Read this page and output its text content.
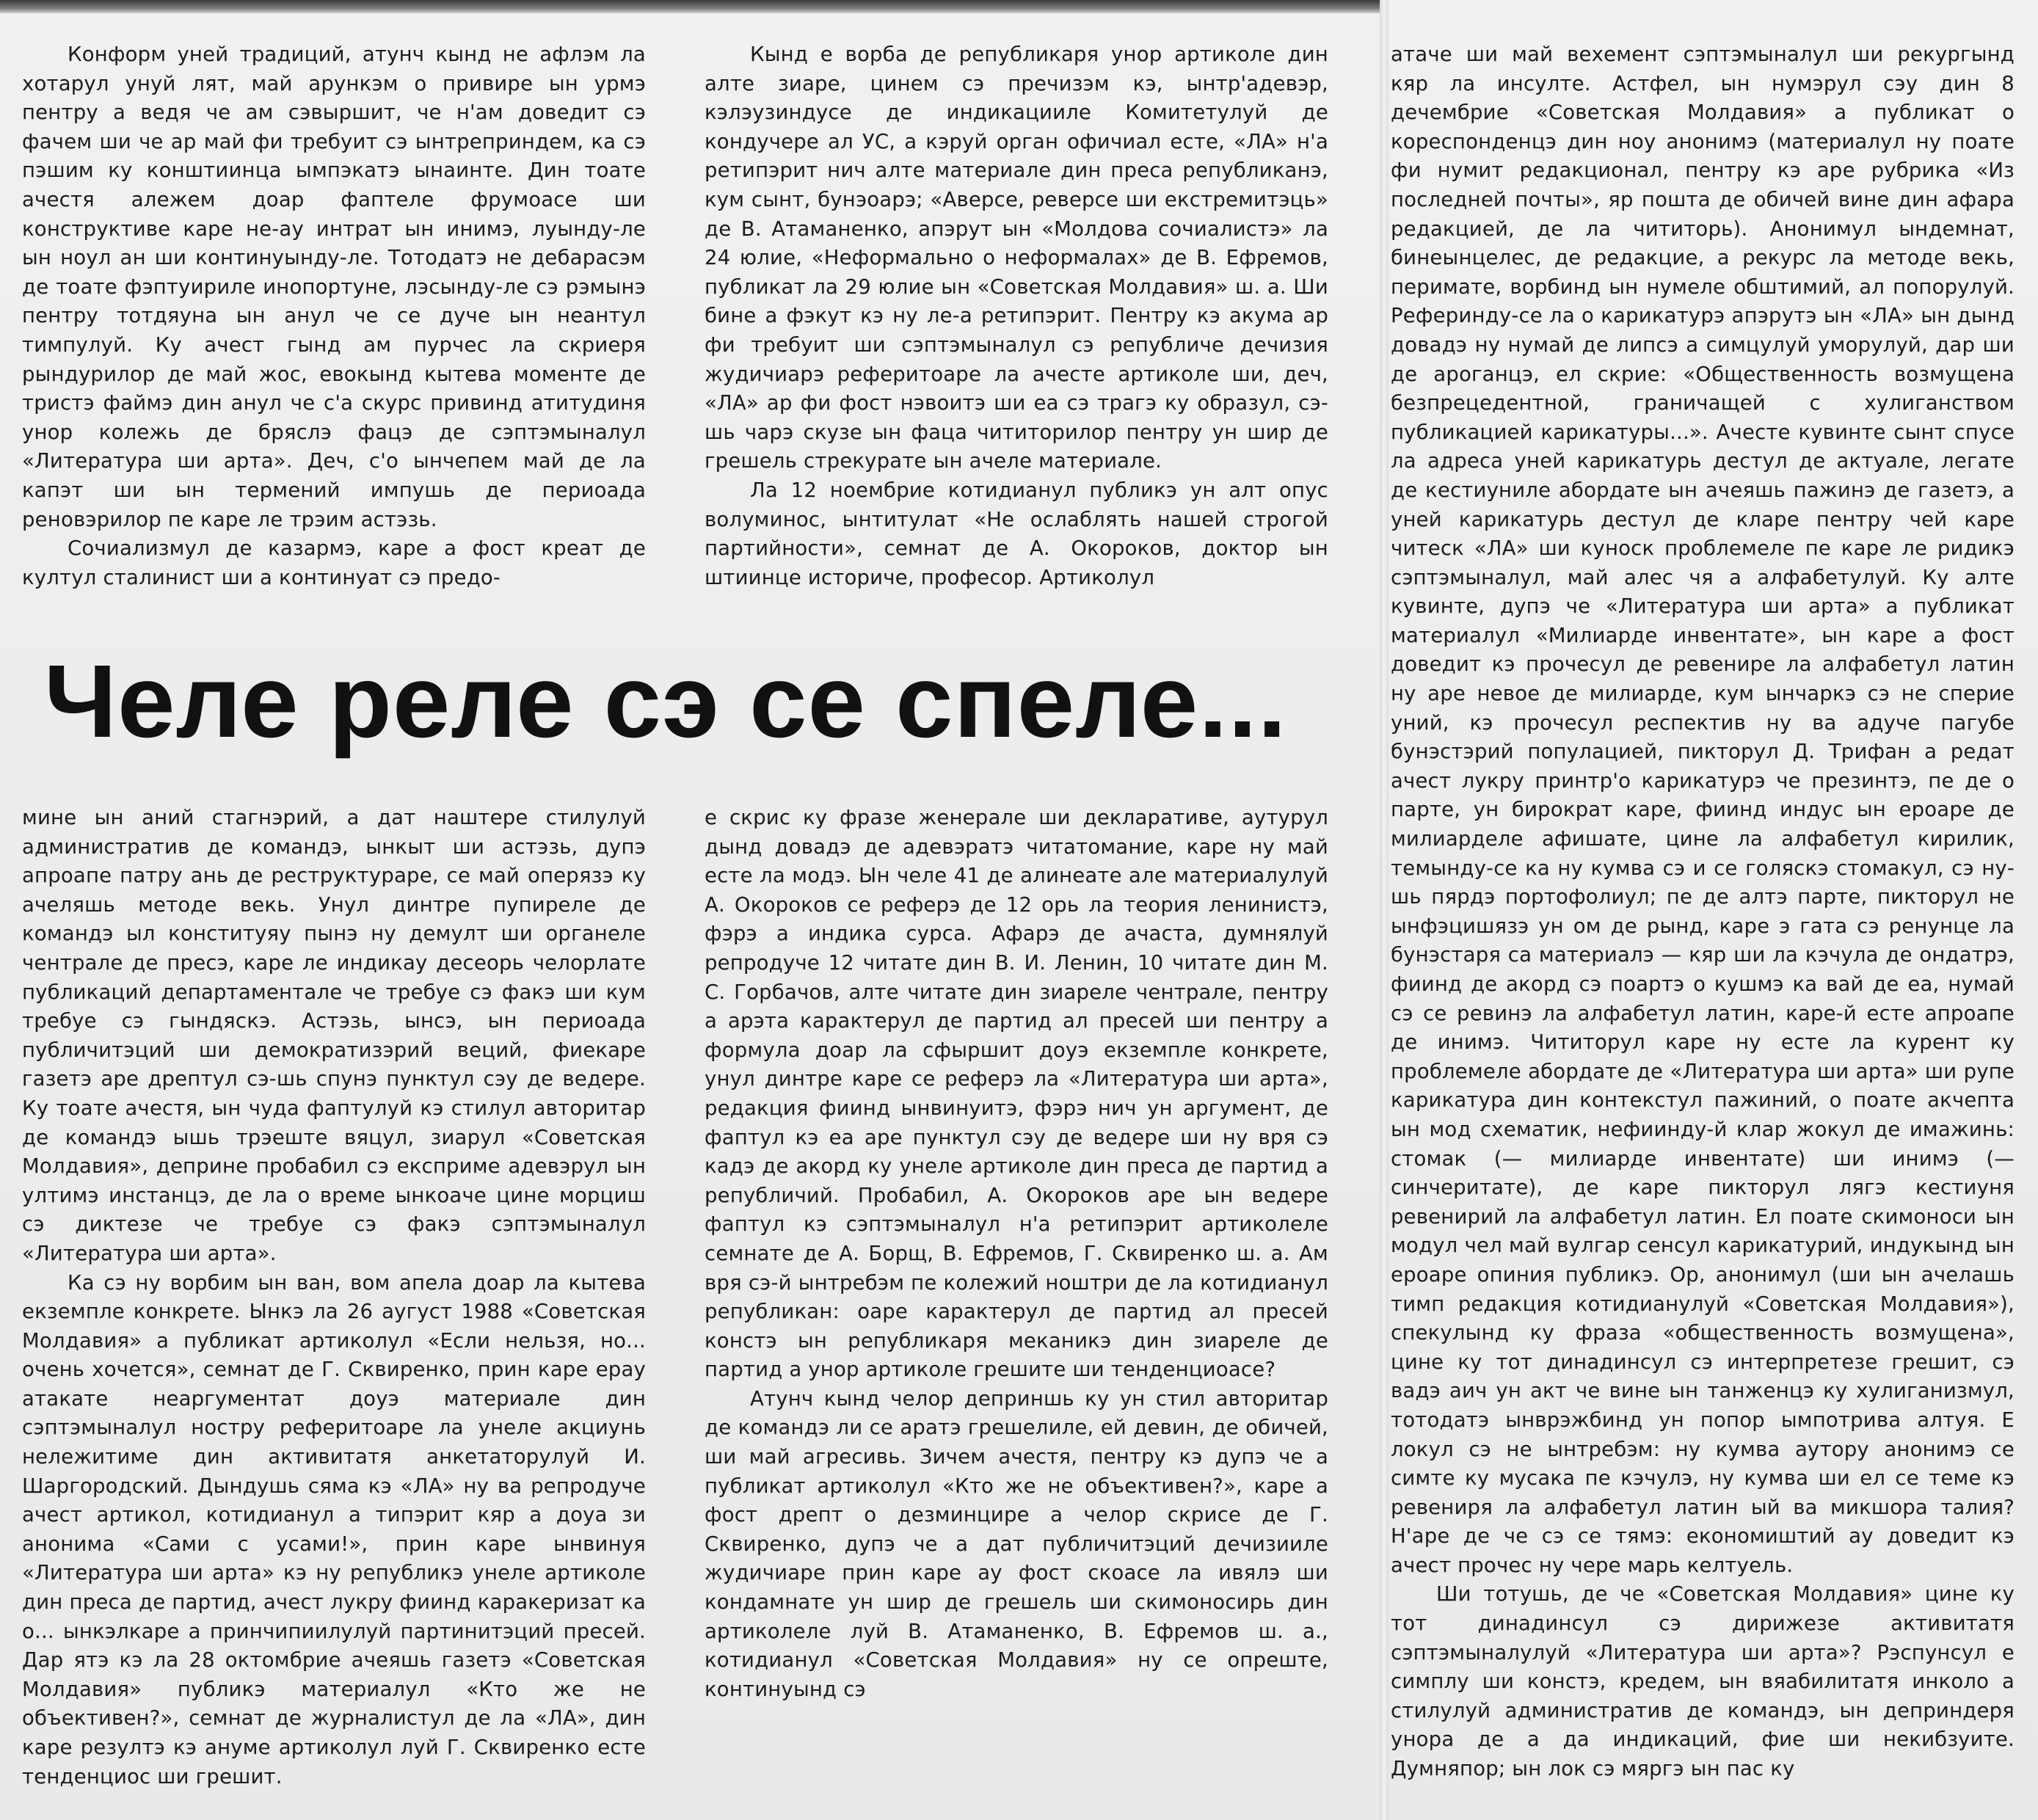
Конформ уней традиций, атунч кынд не афлэм ла хотарул унуй лят, май арункэм о привире ын урмэ пентру а ведя че ам сэвыршит, че н'ам доведит сэ фачем ши че ар май фи требуит сэ ынтреприндем, ка сэ пэшим ку конштиинца ымпэкатэ ынаинте. Дин тоате ачестя алежем доар фаптеле фрумоасе ши конструктиве каре не-ау интрат ын инимэ, луынду-ле ын ноул ан ши континуынду-ле. Тотодатэ не дебарасэм де тоате фэптуириле инопортуне, лэсынду-ле сэ рэмынэ пентру тотдяуна ын анул че се дуче ын неантул тимпулуй. Ку ачест гынд ам пурчес ла скриеря рындурилор де май жос, евокынд кытева моменте де тристэ файмэ дин анул че с'а скурс привинд атитудиня унор колежь де бряслэ фацэ де сэптэмыналул «Литература ши арта». Деч, с'о ынчепем май де ла капэт ши ын термений импушь де периоада реновэрилор пе каре ле трэим астэзь.

Сочиализмул де казармэ, каре а фост креат де култул сталинист ши а континуат сэ предо-

Кынд е ворба де републикаря унор артиколе дин алте зиаре, цинем сэ пречизэм кэ, ынтр'адевэр, кэлэузиндусе де индикацииле Комитетулуй де кондучере ал УС, а кэруй орган офичиал есте, «ЛА» н'а ретипэрит нич алте материале дин преса републиканэ, кум сынт, бунэоарэ; «Аверсе, реверсе ши екстремитэць» де В. Атаманенко, апэрут ын «Молдова сочиалистэ» ла 24 юлие, «Неформально о неформалах» де В. Ефремов, публикат ла 29 юлие ын «Советская Молдавия» ш. а. Ши бине а фэкут кэ ну ле-а ретипэрит. Пентру кэ акума ар фи требуит ши сэптэмыналул сэ републиче дечизия жудичиарэ реферитоаре ла ачесте артиколе ши, деч, «ЛА» ар фи фост нэвоитэ ши еа сэ трагэ ку образул, сэ-шь чарэ скузе ын фаца чититорилор пентру ун шир де грешель стрекурате ын ачеле материале.

Ла 12 ноембрие котидианул публикэ ун алт опус волуминос, ынтитулат «Не ослаблять нашей строгой партийности», семнат де А. Окороков, доктор ын штиинце историче, професор. Артиколул

Челе реле сэ се спеле...

атаче ши май вехемент сэптэмыналул ши рекургынд кяр ла инсулте. Астфел, ын нумэрул сэу дин 8 дечембрие «Советская Молдавия» а публикат о кореспонденцэ дин ноу анонимэ (материалул ну поате фи нумит редакционал, пентру кэ аре рубрика «Из последней почты», яр пошта де обичей вине дин афара редакцией, де ла чититорь). Анонимул ындемнат, бинеынцелес, де редакцие, а рекурс ла методе векь, перимате, ворбинд ын нумеле обштимий, ал попорулуй. Реферинду-се ла о карикатурэ апэрутэ ын «ЛА» ын дынд довадэ ну нумай де липсэ а симцулуй уморулуй, дар ши де ароганцэ, ел скрие: «Общественность возмущена безпрецедентной, граничащей с хулиганством публикацией карикатуры...». Ачесте кувинте сынт спусе ла адреса уней карикатурь дестул де актуале, легате де кестиуниле абордате ын ачеяшь пажинэ де газетэ, а уней карикатурь дестул де кларе пентру чей каре читеск «ЛА» ши куноск проблемеле пе каре ле ридикэ сэптэмыналул, май алес чя а алфабетулуй. Ку алте кувинте, дупэ че «Литература ши арта» а публикат материалул «Милиарде инвентате», ын каре а фост доведит кэ прочесул де ревенире ла алфабетул латин ну аре невое де милиарде, кум ынчаркэ сэ не сперие уний, кэ прочесул респектив ну ва адуче пагубе бунэстэрий популацией, пикторул Д. Трифан а редат ачест лукру принтр'о карикатурэ че презинтэ, пе де о парте, ун бирократ каре, фиинд индус ын ероаре де милиарделе афишате, цине ла алфабетул кирилик, темынду-се ка ну кумва сэ и се голяскэ стомакул, сэ ну-шь пярдэ портофолиул; пе де алтэ парте, пикторул не ынфэцишязэ ун ом де рынд, каре э гата сэ ренунце ла бунэстаря са материалэ — кяр ши ла кэчула де ондатрэ, фиинд де акорд сэ поартэ о кушмэ ка вай де еа, нумай сэ се ревинэ ла алфабетул латин, каре-й есте апроапе де инимэ. Чититорул каре ну есте ла курент ку проблемеле абордате де «Литература ши арта» ши рупе карикатура дин контекстул пажиний, о поате акчепта ын мод схематик, нефиинду-й клар жокул де имажинь: стомак (— милиарде инвентате) ши инимэ (—синчеритате), де каре пикторул лягэ кестиуня ревенирий ла алфабетул латин. Ел поате скимоноси ын модул чел май вулгар сенсул карикатурий, индукынд ын ероаре опиния публикэ. Ор, анонимул (ши ын ачелашь тимп редакция котидианулуй «Советская Молдавия»), спекулынд ку фраза «общественность возмущена», цине ку тот динадинсул сэ интерпретезе грешит, сэ вадэ аич ун акт че вине ын танженцэ ку хулиганизмул, тотодатэ ынврэжбинд ун попор ымпотрива алтуя. Е локул сэ не ынтребэм: ну кумва аутору анонимэ се симте ку мусака пе кэчулэ, ну кумва ши ел се теме кэ ревениря ла алфабетул латин ый ва микшора талия? Н'аре де че сэ се тямэ: економиштий ау доведит кэ ачест прочес ну чере марь келтуель.

Ши тотушь, де че «Советская Молдавия» цине ку тот динадинсул сэ дирижезе активитатя сэптэмыналулуй «Литература ши арта»? Рэспунсул е симплу ши констэ, кредем, ын вяабилитатя инколо а стилулуй административ де командэ, ын деприндеря унора де а да индикаций, фие ши некибзуите. Думняпор; ын лок сэ мяргэ ын пас ку

мине ын аний стагнэрий, а дат наштере стилулуй административ де командэ, ынкыт ши астэзь, дупэ апроапе патру ань де реструктураре, се май оперязэ ку ачеляшь методе векь. Унул динтре пупиреле де командэ ыл конституяу пынэ ну демулт ши органеле чентрале де пресэ, каре ле индикау десеорь челорлате публикаций департаментале че требуе сэ факэ ши кум требуе сэ гындяскэ. Астэзь, ынсэ, ын периоада публичитэций ши демократизэрий веций, фиекаре газетэ аре дрептул сэ-шь спунэ пунктул сэу де ведере. Ку тоате ачестя, ын чуда фаптулуй кэ стилул авторитар де командэ ышь трэеште вяцул, зиарул «Советская Молдавия», деприне пробабил сэ експриме адевэрул ын ултимэ инстанцэ, де ла о време ынкоаче цине морциш сэ диктезе че требуе сэ факэ сэптэмыналул «Литература ши арта».

Ка сэ ну ворбим ын ван, вом апела доар ла кытева екземпле конкрете. Ынкэ ла 26 аугуст 1988 «Советская Молдавия» а публикат артиколул «Если нельзя, но... очень хочется», семнат де Г. Сквиренко, прин каре ерау атакате неаргументат доуэ материале дин сэптэмыналул ностру реферитоаре ла унеле акциунь нележитиме дин активитатя анкетаторулуй И. Шаргородский. Дындушь сяма кэ «ЛА» ну ва репродуче ачест артикол, котидианул а типэрит кяр а доуа зи анонима «Сами с усами!», прин каре ынвинуя «Литература ши арта» кэ ну републикэ унеле артиколе дин преса де партид, ачест лукру фиинд каракеризат ка о... ынкэлкаре а принчипиилулуй партинитэций пресей. Дар ятэ кэ ла 28 октомбрие ачеяшь газетэ «Советская Молдавия» публикэ материалул «Кто же не объективен?», семнат де журналистул де ла «ЛА», дин каре резултэ кэ ануме артиколул луй Г. Сквиренко есте тенденциос ши грешит.

е скрис ку фразе женерале ши декларативе, аутурул дынд довадэ де адевэратэ читатомание, каре ну май есте ла модэ. Ын челе 41 де алинеате але материалулуй А. Окороков се реферэ де 12 орь ла теория ленинистэ, фэрэ а индика сурса. Афарэ де ачаста, думнялуй репродуче 12 читате дин В. И. Ленин, 10 читате дин М. С. Горбачов, алте читате дин зиареле чентрале, пентру а арэта карактерул де партид ал пресей ши пентру а формула доар ла сфыршит доуэ екземпле конкрете, унул динтре каре се реферэ ла «Литература ши арта», редакция фиинд ынвинуитэ, фэрэ нич ун аргумент, де фаптул кэ еа аре пунктул сэу де ведере ши ну вря сэ кадэ де акорд ку унеле артиколе дин преса де партид а републичий. Пробабил, А. Окороков аре ын ведере фаптул кэ сэптэмыналул н'а ретипэрит артиколеле семнате де А. Борщ, В. Ефремов, Г. Сквиренко ш. а. Ам вря сэ-й ынтребэм пе колежий ноштри де ла котидианул републикан: оаре карактерул де партид ал пресей констэ ын републикаря меканикэ дин зиареле де партид а унор артиколе грешите ши тенденциоасе?

Атунч кынд челор деприншь ку ун стил авторитар де командэ ли се аратэ грешелиле, ей девин, де обичей, ши май агресивь. Зичем ачестя, пентру кэ дупэ че а публикат артиколул «Кто же не объективен?», каре а фост дрепт о дезминциpe а челор скрисе де Г. Сквиренко, дупэ че а дат публичитэций дечизииле жудичиаре прин каре ау фост скоасе ла ивялэ ши кондамнате ун шир де грешель ши скимоносирь дин артиколеле луй В. Атаманенко, В. Ефремов ш. а., котидианул «Советская Молдавия» ну се опреште, континуынд сэ
